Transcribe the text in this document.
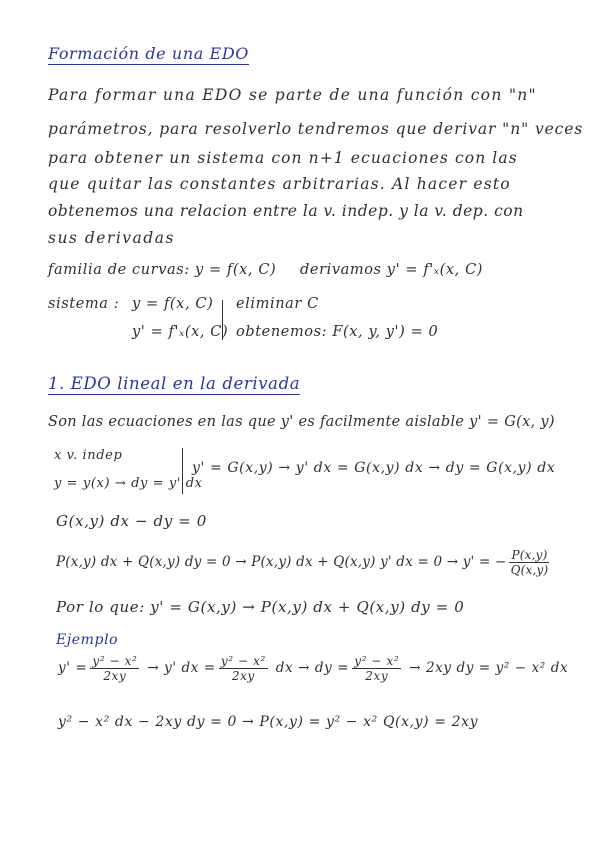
Formación de una EDO
Para formar una EDO se parte de una función con "n"
parámetros, para resolverlo tendremos que derivar "n" veces
para obtener un sistema con n+1 ecuaciones con las
que quitar las constantes arbitrarias. Al hacer esto
obtenemos una relacion entre la v. indep. y la v. dep. con
sus derivadas
familia de curvas: y = f(x, C) derivamos y' = f'ₓ(x, C)
sistema : y = f(x, C)
y' = f'ₓ(x, C)
eliminar C
obtenemos: F(x, y, y') = 0
1. EDO lineal en la derivada
Son las ecuaciones en las que y' es facilmente aislable y' = G(x, y)
x v. indep
y = y(x) → dy = y' dx
y' = G(x,y) → y' dx = G(x,y) dx → dy = G(x,y) dx
G(x,y) dx − dy = 0
P(x,y) dx + Q(x,y) dy = 0 → P(x,y) dx + Q(x,y) y' dx = 0 → y' = − $\frac{P(x,y)}{Q(x,y)}$
Por lo que: y' = G(x,y) → P(x,y) dx + Q(x,y) dy = 0
Ejemplo
$y' = \frac{\text{y² − x²}}{2xy} \to y'$ dx = $\frac{\text{y² − x²}}{2xy}$ dx → dy = $\frac{\text{y² − x²}}{2xy} \to 2xy$ dy = y² − x² dx
y² − x² dx − 2xy dy = 0 → P(x,y) = y² − x² Q(x,y) = 2xy
